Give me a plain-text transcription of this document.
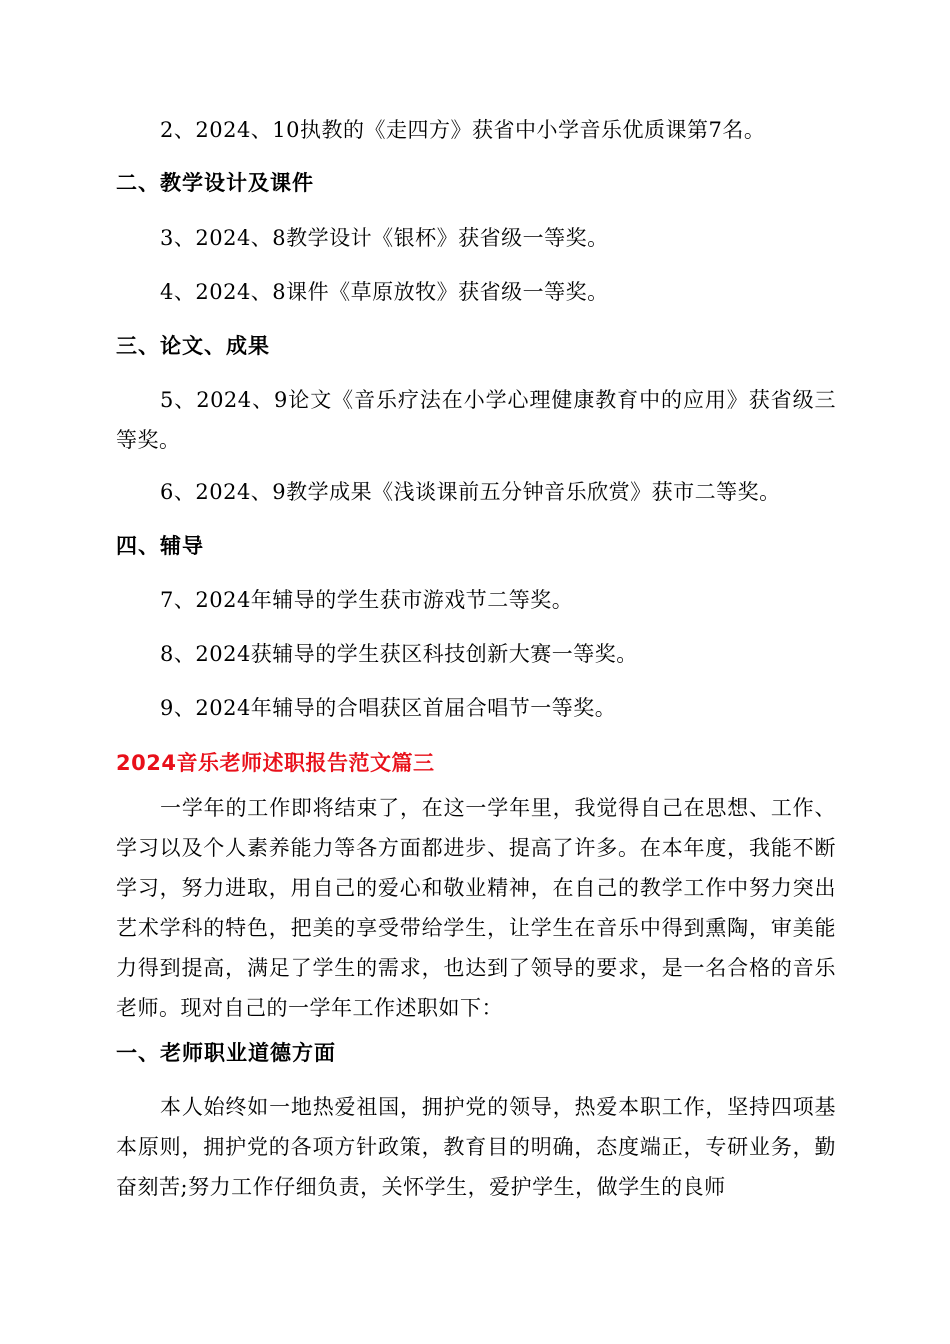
2、2024、10执教的《走四方》获省中小学音乐优质课第7名。

二、教学设计及课件

3、2024、8教学设计《银杯》获省级一等奖。

4、2024、8课件《草原放牧》获省级一等奖。

三、论文、成果

5、2024、9论文《音乐疗法在小学心理健康教育中的应用》获省级三等奖。

6、2024、9教学成果《浅谈课前五分钟音乐欣赏》获市二等奖。

四、辅导

7、2024年辅导的学生获市游戏节二等奖。

8、2024获辅导的学生获区科技创新大赛一等奖。

9、2024年辅导的合唱获区首届合唱节一等奖。

2024音乐老师述职报告范文篇三

一学年的工作即将结束了，在这一学年里，我觉得自己在思想、工作、学习以及个人素养能力等各方面都进步、提高了许多。在本年度，我能不断学习，努力进取，用自己的爱心和敬业精神，在自己的教学工作中努力突出艺术学科的特色，把美的享受带给学生，让学生在音乐中得到熏陶，审美能力得到提高，满足了学生的需求，也达到了领导的要求，是一名合格的音乐老师。现对自己的一学年工作述职如下：

一、老师职业道德方面

本人始终如一地热爱祖国，拥护党的领导，热爱本职工作，坚持四项基本原则，拥护党的各项方针政策，教育目的明确，态度端正，专研业务，勤奋刻苦;努力工作仔细负责，关怀学生，爱护学生，做学生的良师
